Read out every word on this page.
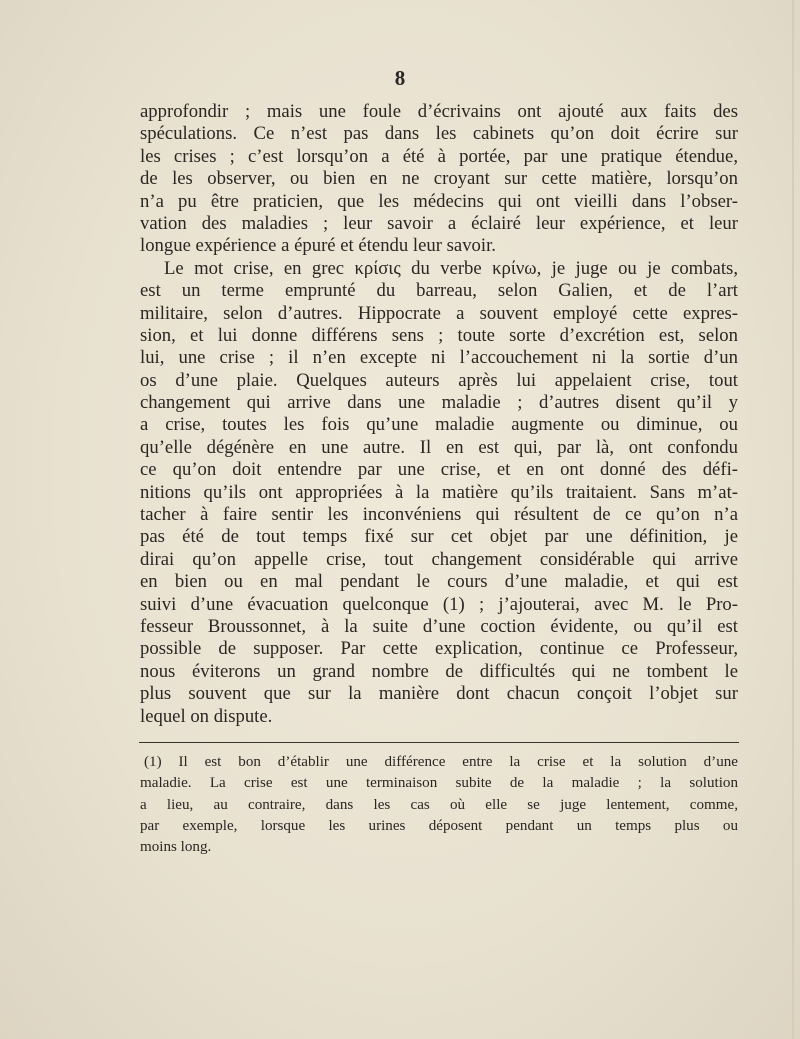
8
approfondir ; mais une foule d’écrivains ont ajouté aux faits des
spéculations. Ce n’est pas dans les cabinets qu’on doit écrire sur
les crises ; c’est lorsqu’on a été à portée, par une pratique étendue,
de les observer, ou bien en ne croyant sur cette matière, lorsqu’on
n’a pu être praticien, que les médecins qui ont vieilli dans l’obser-
vation des maladies ; leur savoir a éclairé leur expérience, et leur
longue expérience a épuré et étendu leur savoir.
Le mot crise, en grec κρίσις du verbe κρίνω, je juge ou je combats,
est un terme emprunté du barreau, selon Galien, et de l’art
militaire, selon d’autres. Hippocrate a souvent employé cette expres-
sion, et lui donne différens sens ; toute sorte d’excrétion est, selon
lui, une crise ; il n’en excepte ni l’accouchement ni la sortie d’un
os d’une plaie. Quelques auteurs après lui appelaient crise, tout
changement qui arrive dans une maladie ; d’autres disent qu’il y
a crise, toutes les fois qu’une maladie augmente ou diminue, ou
qu’elle dégénère en une autre. Il en est qui, par là, ont confondu
ce qu’on doit entendre par une crise, et en ont donné des défi-
nitions qu’ils ont appropriées à la matière qu’ils traitaient. Sans m’at-
tacher à faire sentir les inconvéniens qui résultent de ce qu’on n’a
pas été de tout temps fixé sur cet objet par une définition, je
dirai qu’on appelle crise, tout changement considérable qui arrive
en bien ou en mal pendant le cours d’une maladie, et qui est
suivi d’une évacuation quelconque (1) ; j’ajouterai, avec M. le Pro-
fesseur Broussonnet, à la suite d’une coction évidente, ou qu’il est
possible de supposer. Par cette explication, continue ce Professeur,
nous éviterons un grand nombre de difficultés qui ne tombent le
plus souvent que sur la manière dont chacun conçoit l’objet sur
lequel on dispute.
(1) Il est bon d’établir une différence entre la crise et la solution d’une
maladie. La crise est une terminaison subite de la maladie ; la solution
a lieu, au contraire, dans les cas où elle se juge lentement, comme,
par exemple, lorsque les urines déposent pendant un temps plus ou
moins long.
